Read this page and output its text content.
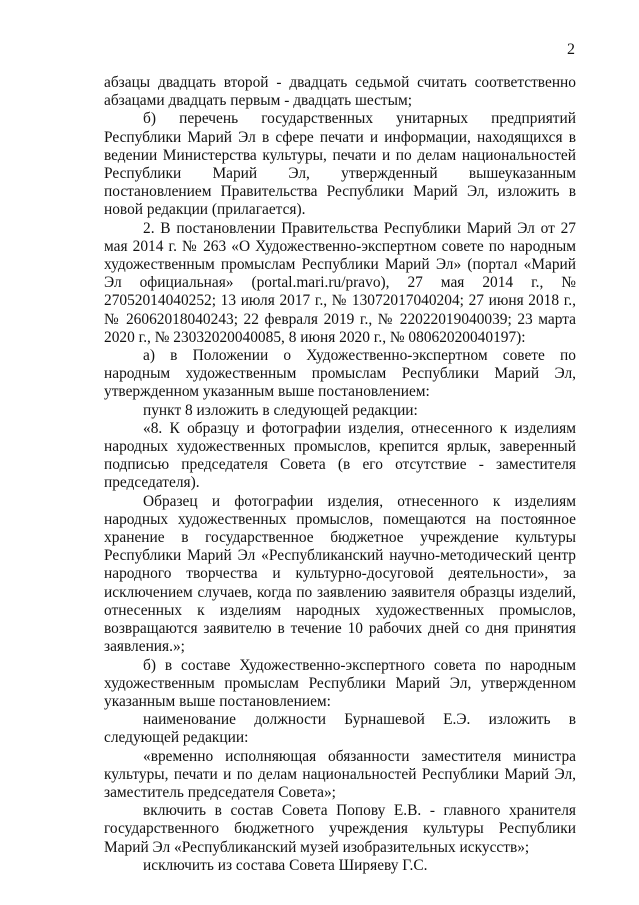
2

абзацы двадцать второй - двадцать седьмой считать соответственно абзацами двадцать первым - двадцать шестым;

б) перечень государственных унитарных предприятий Республики Марий Эл в сфере печати и информации, находящихся в ведении Министерства культуры, печати и по делам национальностей Республики Марий Эл, утвержденный вышеуказанным постановлением Правительства Республики Марий Эл, изложить в новой редакции (прилагается).

2. В постановлении Правительства Республики Марий Эл от 27 мая 2014 г. № 263 «О Художественно-экспертном совете по народным художественным промыслам Республики Марий Эл» (портал «Марий Эл официальная» (portal.mari.ru/pravo), 27 мая 2014 г., № 27052014040252; 13 июля 2017 г., № 13072017040204; 27 июня 2018 г., № 26062018040243; 22 февраля 2019 г., № 22022019040039; 23 марта 2020 г., № 23032020040085, 8 июня 2020 г., № 08062020040197):

а) в Положении о Художественно-экспертном совете по народным художественным промыслам Республики Марий Эл, утвержденном указанным выше постановлением:

пункт 8 изложить в следующей редакции:

«8. К образцу и фотографии изделия, отнесенного к изделиям народных художественных промыслов, крепится ярлык, заверенный подписью председателя Совета (в его отсутствие - заместителя председателя).

Образец и фотографии изделия, отнесенного к изделиям народных художественных промыслов, помещаются на постоянное хранение в государственное бюджетное учреждение культуры Республики Марий Эл «Республиканский научно-методический центр народного творчества и культурно-досуговой деятельности», за исключением случаев, когда по заявлению заявителя образцы изделий, отнесенных к изделиям народных художественных промыслов, возвращаются заявителю в течение 10 рабочих дней со дня принятия заявления.»;

б) в составе Художественно-экспертного совета по народным художественным промыслам Республики Марий Эл, утвержденном указанным выше постановлением:

наименование должности Бурнашевой Е.Э. изложить в следующей редакции:

«временно исполняющая обязанности заместителя министра культуры, печати и по делам национальностей Республики Марий Эл, заместитель председателя Совета»;

включить в состав Совета Попову Е.В. - главного хранителя государственного бюджетного учреждения культуры Республики Марий Эл «Республиканский музей изобразительных искусств»;

исключить из состава Совета Ширяеву Г.С.
